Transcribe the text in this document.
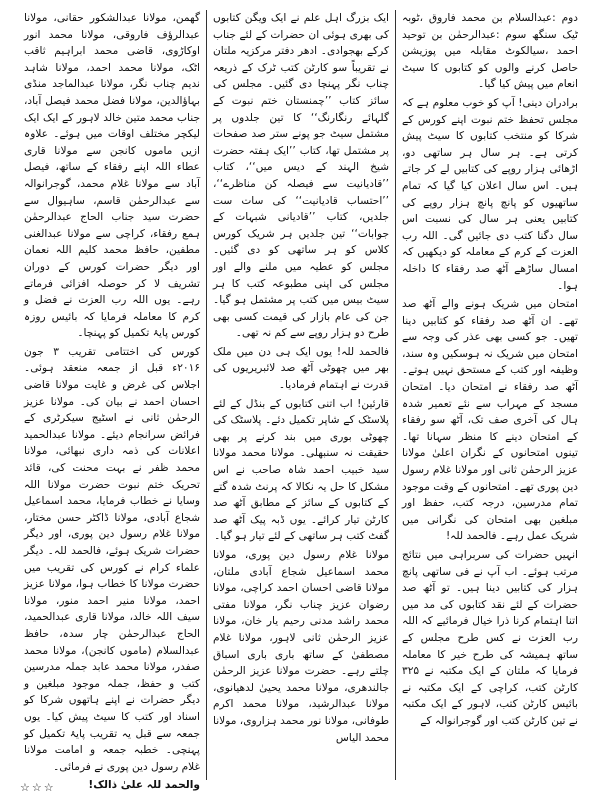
دوم :عبدالسلام بن محمد فاروق ،ٹوبہ ٹیک سنگھ سوم :عبدالرحمٰن بن توحید احمد ،سیالکوٹ مقابلہ میں پوزیشن حاصل کرنے والوں کو کتابوں کا سیٹ انعام میں پیش کیا گیا۔

برادران دینی! آپ کو خوب معلوم ہے کہ مجلس تحفظ ختم نبوت اپنے کورس کے شرکا کو منتخب کتابوں کا سیٹ پیش کرتی ہے۔ ہر سال ہر ساتھی دو، اڑھائی ہزار روپے کی کتابیں لے کر جاتے ہیں۔ اس سال اعلان کیا گیا کہ تمام ساتھیوں کو پانچ پانچ ہزار روپے کی کتابیں یعنی ہر سال کی نسبت اس سال دگنا کتب دی جائیں گی۔ اللہ رب العزت کے کرم کے معاملہ کو دیکھیں کہ امسال ساڑھے آٹھ صد رفقاء کا داخلہ ہوا۔

امتحان میں شریک ہونے والے آٹھ صد تھے۔ ان آٹھ صد رفقاء کو کتابیں دینا تھیں۔ جو کسی بھی عذر کی وجہ سے امتحان میں شریک نہ ہوسکیں وہ سند، وظیفہ اور کتب کے مستحق نہیں ہوتے۔ آٹھ صد رفقاء نے امتحان دیا۔ امتحان مسجد کے مہراب سے نئے تعمیر شدہ ہال کی آخری صف تک، آٹھ سو رفقاء کے امتحان دینے کا منظر سہانا تھا۔ تینوں امتحانوں کے نگران اعلیٰ مولانا عزیز الرحمٰن ثانی اور مولانا غلام رسول دین پوری تھے۔ امتحانوں کے وقت موجود تمام مدرسین، درجہ کتب، حفظ اور مبلغین بھی امتحان کی نگرانی میں شریک عمل رہے۔ فالحمد للہ!

انہیں حضرات کی سربراہی میں نتائج مرتب ہوئے۔ اب آپ نے فی ساتھی پانچ ہزار کی کتابیں دینا ہیں۔ تو آٹھ صد حضرات کے لئے نقد کتابوں کی مد میں اتنا اہتمام کرنا ذرا خیال فرمائیے کہ اللہ رب العزت نے کس طرح مجلس کے ساتھ ہمیشہ کی طرح خیر کا معاملہ فرمایا کہ ملتان کے ایک مکتبہ نے ۳۲۵ کارٹن کتب، کراچی کے ایک مکتبہ نے بائیس کارٹن کتب، لاہور کے ایک مکتبہ نے تین کارٹن کتب اور گوجرانوالہ کے

ایک بزرگ اہل علم نے ایک ویگن کتابوں کی بھری ہوئی ان حضرات کے لئے جناب کرکے بھجوادی۔ ادھر دفتر مرکزیہ ملتان نے تقریباً سو کارٹن کتب ٹرک کے ذریعہ چناب نگر پہنچا دی گئیں۔ مجلس کی سائز کتاب ’’چمنستان ختم نبوت کے گلہائے رنگارنگ‘‘ کا تین جلدوں پر مشتمل سیٹ جو پونے ستر صد صفحات پر مشتمل تھا، کتاب ’’ایک ہفتہ حضرت شیخ الہند کے دیس میں‘‘، کتاب ’’قادیانیت سے فیصلہ کن مناظرے‘‘، ’’احتساب قادیانیت‘‘ کی سات ست جلدیں، کتاب ’’قادیانی شبہات کے جوابات‘‘ تین جلدیں ہر شریک کورس کلاس کو ہر ساتھی کو دی گئیں۔ مجلس کو عطیہ میں ملنے والے اور مجلس کی اپنی مطبوعہ کتب کا ہر سیٹ بیس میں کتب پر مشتمل ہو گیا۔ جن کی عام بازار کی قیمت کسی بھی طرح دو ہزار روپے سے کم نہ تھی۔

فالحمد للہ! یوں ایک ہی دن میں ملک بھر میں چھوٹی آٹھ صد لائبریریوں کی قدرت نے اہتمام فرمادیا۔

قارئین! اب اتنی کتابوں کے بنڈل کے لئے پلاسٹک کے شاپر تکمیل دئے۔ پلاسٹک کی چھوٹی بوری میں بند کرنے پر بھی حقیقت نہ سنبھلی۔ مولانا محمد مولانا سید خبیب احمد شاہ صاحب نے اس مشکل کا حل یہ نکالا کہ پرنٹ شدہ گتے کے کتابوں کے سائز کے مطابق آٹھ صد کارٹن تیار کرائے۔ یوں ڈبہ پیک آٹھ صد گفٹ کتب ہر ساتھی کے لئے تیار ہو گیا۔

مولانا غلام رسول دین پوری، مولانا محمد اسماعیل شجاع آبادی ملتان، مولانا قاضی احسان احمد کراچی، مولانا رضوان عزیز چناب نگر، مولانا مفتی محمد راشد مدنی رحیم یار خان، مولانا عزیز الرحمٰن ثانی لاہور، مولانا غلام مصطفیٰ کے ساتھ باری باری اسباق چلتے رہے۔ حضرت مولانا عزیز الرحمٰن جالندھری، مولانا محمد یحییٰ لدھیانوی، مولانا عبدالرشید، مولانا محمد اکرم طوفانی، مولانا نور محمد ہزاروی، مولانا محمد الیاس

گھمن، مولانا عبدالشکور حقانی، مولانا عبدالرؤف فاروقی، مولانا محمد انور اوکاڑوی، قاضی محمد ابراہیم ثاقب اٹک، مولانا محمد احمد، مولانا شاہد ندیم چناب نگر، مولانا عبدالماجد منڈی بہاؤالدین، مولانا فضل محمد فیصل آباد، جناب محمد متین خالد لاہور کے ایک ایک لیکچر مختلف اوقات میں ہوئے۔ علاوہ ازیں ماموں کانجن سے مولانا قاری عطاء اللہ اپنے رفقاء کے ساتھ، فیصل آباد سے مولانا غلام محمد، گوجرانوالہ سے عبدالرحمٰن قاسم، ساہیوال سے حضرت سید جناب الحاج عبدالرحمٰن ہمع رفقاء، کراچی سے مولانا عبدالغنی مطفین، حافظ محمد کلیم اللہ نعمان اور دیگر حضرات کورس کے دوران تشریف لا کر حوصلہ افزائی فرماتے رہے۔ یوں اللہ رب العزت نے فضل و کرم کا معاملہ فرمایا کہ بائیس روزہ کورس پایۂ تکمیل کو پہنچا۔

کورس کی اختتامی تقریب ۳ جون ۲۰۱۶ء قبل از جمعہ منعقد ہوئی۔ اجلاس کی غرض و غایت مولانا قاضی احسان احمد نے بیان کی۔ مولانا عزیز الرحمٰن ثانی نے اسٹیج سیکرٹری کے فرائض سرانجام دیئے۔ مولانا عبدالحمید اعلانات کی ذمہ داری نبھائی، مولانا محمد ظفر نے بہت محنت کی، قائد تحریک ختم نبوت حضرت مولانا اللہ وسایا نے خطاب فرمایا، محمد اسماعیل شجاع آبادی، مولانا ڈاکٹر حسن مختار، مولانا غلام رسول دین پوری، اور دیگر حضرات شریک ہوئے، فالحمد للہ۔ دیگر علماء کرام نے کورس کی تقریب میں حضرت مولانا کا خطاب ہوا، مولانا عزیز احمد، مولانا منیر احمد منور، مولانا سیف اللہ خالد، مولانا قاری عبدالحمید، الحاج عبدالرحمٰن چار سدہ، حافظ عبدالسلام (ماموں کانجن)، مولانا محمد صفدر، مولانا محمد عابد جملہ مدرسین کتب و حفظ، جملہ موجود مبلغین و دیگر حضرات نے اپنے ہاتھوں شرکا کو اسناد اور کتب کا سیٹ پیش کیا۔ یوں جمعہ سے قبل یہ تقریب پایۂ تکمیل کو پہنچی۔ خطبہ جمعہ و امامت مولانا غلام رسول دین پوری نے فرمائی۔

والحمد للہ علیٰ ذالک!

☆☆☆
